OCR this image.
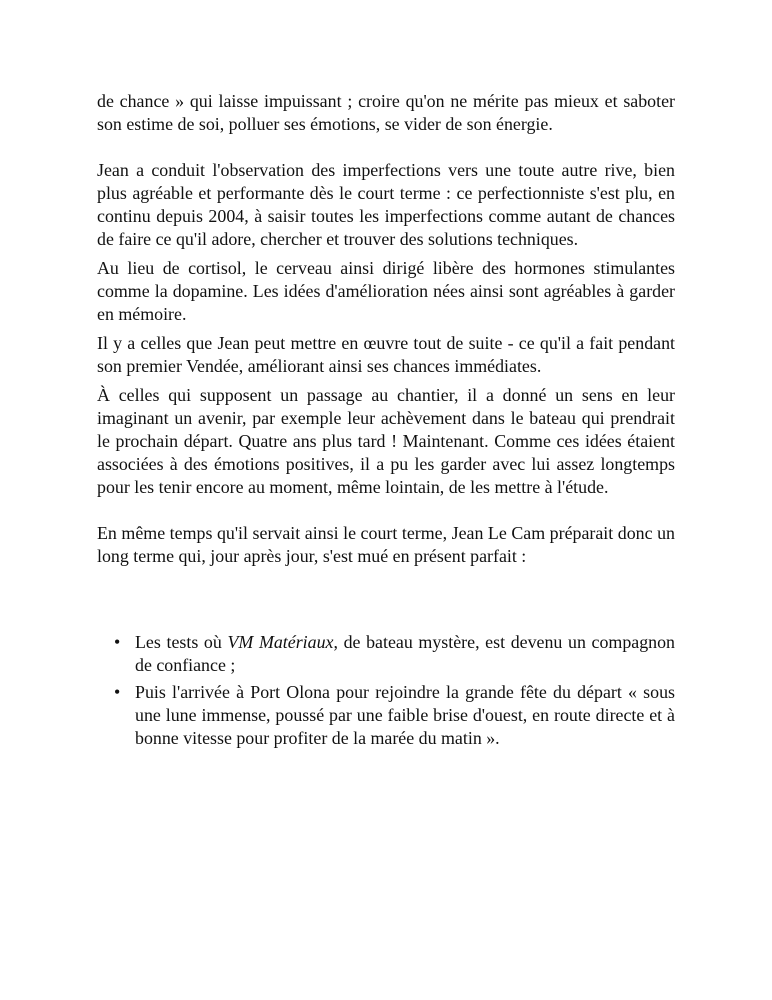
de chance » qui laisse impuissant ; croire qu'on ne mérite pas mieux et saboter son estime de soi, polluer ses émotions, se vider de son énergie.

Jean a conduit l'observation des imperfections vers une toute autre rive, bien plus agréable et performante dès le court terme : ce perfectionniste s'est plu, en continu depuis 2004, à saisir toutes les imperfections comme autant de chances de faire ce qu'il adore, chercher et trouver des solutions techniques.

Au lieu de cortisol, le cerveau ainsi dirigé libère des hormones stimulantes comme la dopamine. Les idées d'amélioration nées ainsi sont agréables à garder en mémoire.

Il y a celles que Jean peut mettre en œuvre tout de suite - ce qu'il a fait pendant son premier Vendée, améliorant ainsi ses chances immédiates.

À celles qui supposent un passage au chantier, il a donné un sens en leur imaginant un avenir, par exemple leur achèvement dans le bateau qui prendrait le prochain départ. Quatre ans plus tard ! Maintenant. Comme ces idées étaient associées à des émotions positives, il a pu les garder avec lui assez longtemps pour les tenir encore au moment, même lointain, de les mettre à l'étude.

En même temps qu'il servait ainsi le court terme, Jean Le Cam préparait donc un long terme qui, jour après jour, s'est mué en présent parfait :

• Les tests où VM Matériaux, de bateau mystère, est devenu un compagnon de confiance ;
• Puis l'arrivée à Port Olona pour rejoindre la grande fête du départ « sous une lune immense, poussé par une faible brise d'ouest, en route directe et à bonne vitesse pour profiter de la marée du matin ».
